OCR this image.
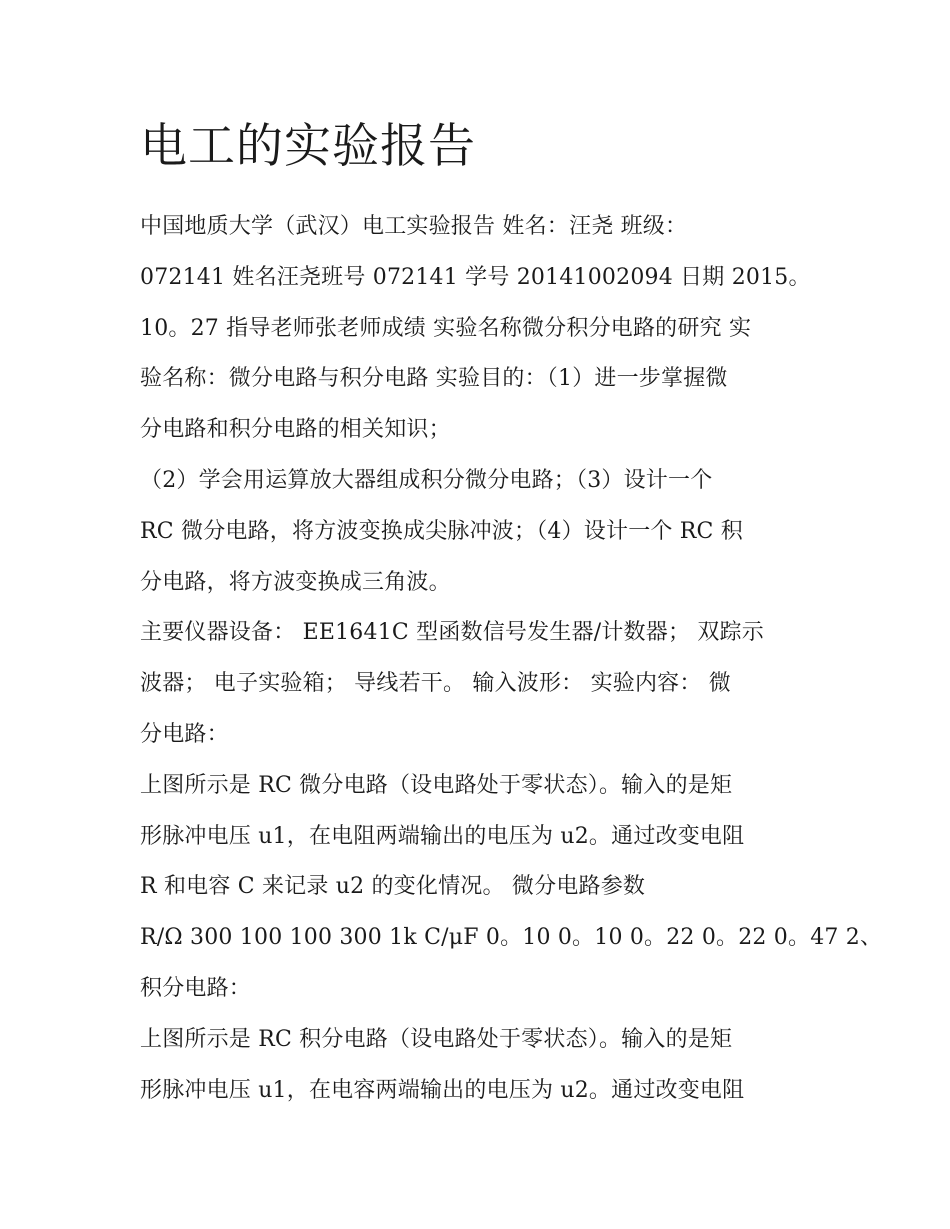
电工的实验报告
中国地质大学（武汉）电工实验报告 姓名：汪尧 班级：
072141 姓名汪尧班号 072141 学号 20141002094 日期 2015。
10。27 指导老师张老师成绩 实验名称微分积分电路的研究 实
验名称：微分电路与积分电路 实验目的：（1）进一步掌握微
分电路和积分电路的相关知识；
（2）学会用运算放大器组成积分微分电路；（3）设计一个
RC 微分电路，将方波变换成尖脉冲波；（4）设计一个 RC 积
分电路，将方波变换成三角波。
主要仪器设备： EE1641C 型函数信号发生器/计数器； 双踪示
波器； 电子实验箱； 导线若干。 输入波形： 实验内容： 微
分电路：
上图所示是 RC 微分电路（设电路处于零状态）。输入的是矩
形脉冲电压 u1，在电阻两端输出的电压为 u2。通过改变电阻
R 和电容 C 来记录 u2 的变化情况。 微分电路参数
R/Ω 300 100 100 300 1k C/μF 0。10 0。10 0。22 0。22 0。47 2、
积分电路：
上图所示是 RC 积分电路（设电路处于零状态）。输入的是矩
形脉冲电压 u1，在电容两端输出的电压为 u2。通过改变电阻
